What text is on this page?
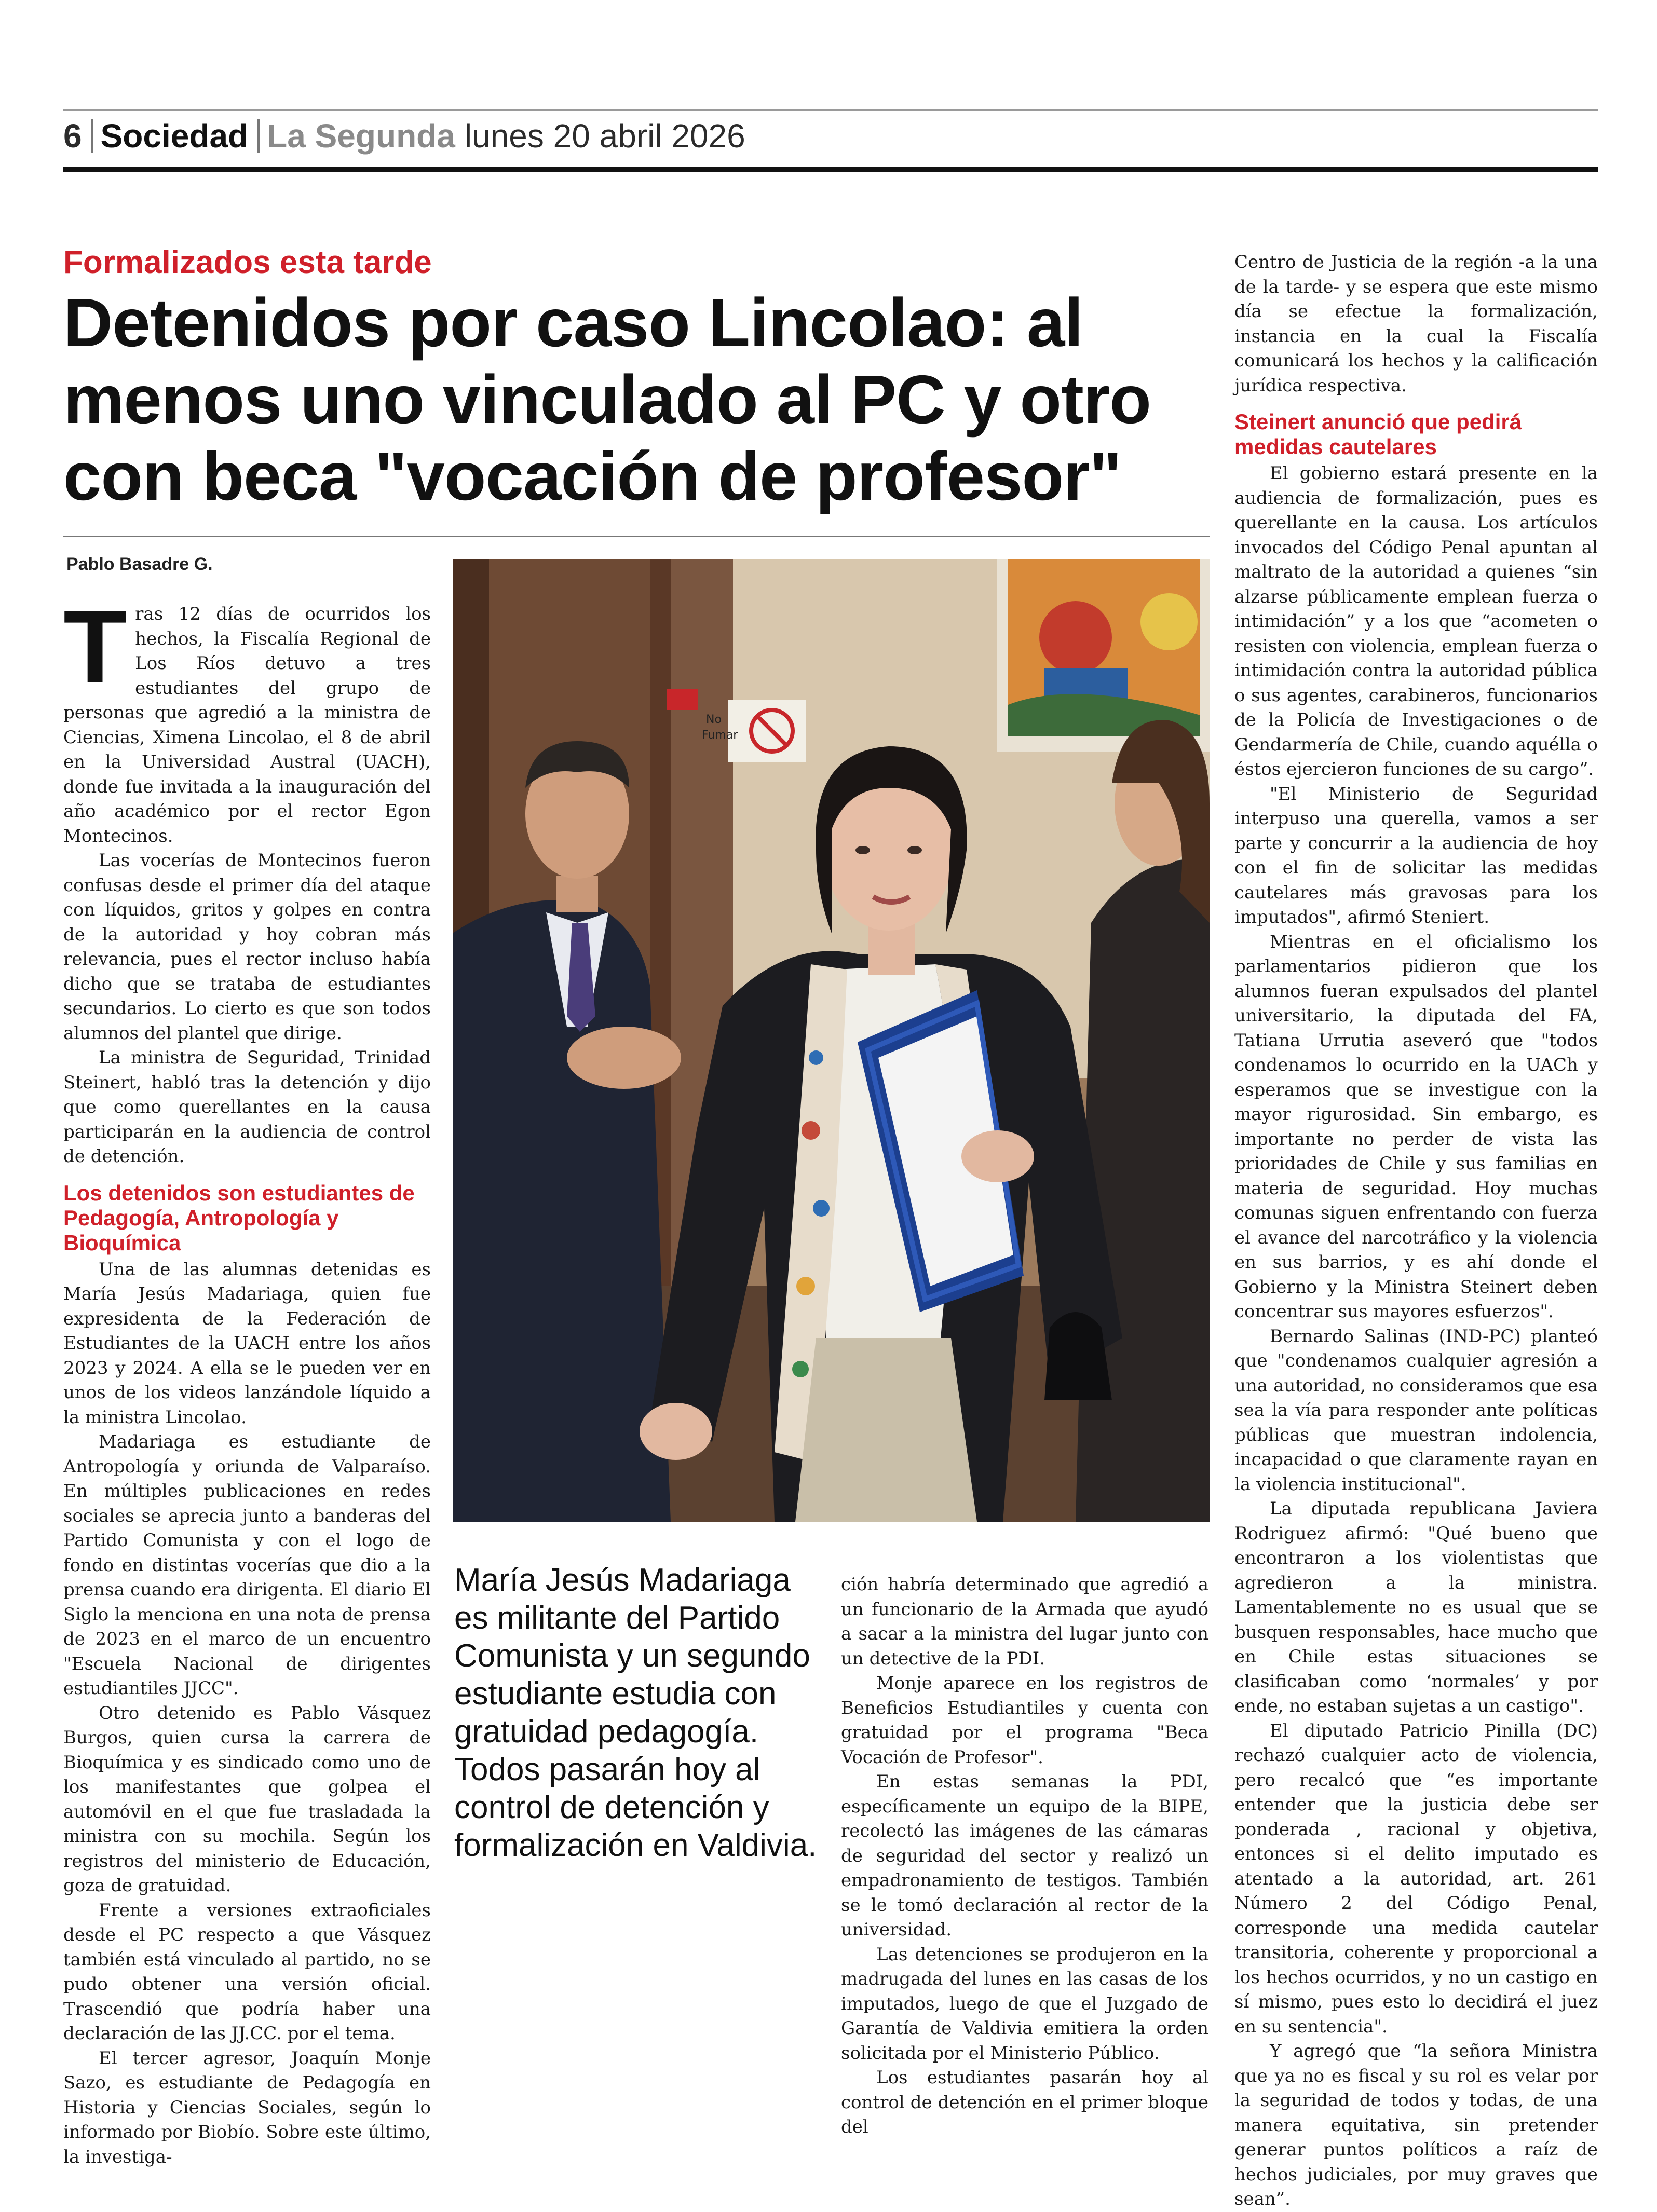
6 Sociedad La Segunda lunes 20 abril 2026
Formalizados esta tarde
Detenidos por caso Lincolao: al menos uno vinculado al PC y otro con beca "vocación de profesor"
Pablo Basadre G.

Tras 12 días de ocurridos los hechos, la Fiscalía Regional de Los Ríos detuvo a tres estudiantes del grupo de personas que agredió a la ministra de Ciencias, Ximena Lincolao, el 8 de abril en la Universidad Austral (UACH), donde fue invitada a la inauguración del año académico por el rector Egon Montecinos.

Las vocerías de Montecinos fueron confusas desde el primer día del ataque con líquidos, gritos y golpes en contra de la autoridad y hoy cobran más relevancia, pues el rector incluso había dicho que se trataba de estudiantes secundarios. Lo cierto es que son todos alumnos del plantel que dirige.

La ministra de Seguridad, Trinidad Steinert, habló tras la detención y dijo que como querellantes en la causa participarán en la audiencia de control de detención.

Los detenidos son estudiantes de Pedagogía, Antropología y Bioquímica

Una de las alumnas detenidas es María Jesús Madariaga, quien fue expresidenta de la Federación de Estudiantes de la UACH entre los años 2023 y 2024. A ella se le pueden ver en unos de los videos lanzándole líquido a la ministra Lincolao.

Madariaga es estudiante de Antropología y oriunda de Valparaíso. En múltiples publicaciones en redes sociales se aprecia junto a banderas del Partido Comunista y con el logo de fondo en distintas vocerías que dio a la prensa cuando era dirigenta. El diario El Siglo la menciona en una nota de prensa de 2023 en el marco de un encuentro "Escuela Nacional de dirigentes estudiantiles JJCC".

Otro detenido es Pablo Vásquez Burgos, quien cursa la carrera de Bioquímica y es sindicado como uno de los manifestantes que golpea el automóvil en el que fue trasladada la ministra con su mochila. Según los registros del ministerio de Educación, goza de gratuidad.

Frente a versiones extraoficiales desde el PC respecto a que Vásquez también está vinculado al partido, no se pudo obtener una versión oficial. Trascendió que podría haber una declaración de las JJ.CC. por el tema.

El tercer agresor, Joaquín Monje Sazo, es estudiante de Pedagogía en Historia y Ciencias Sociales, según lo informado por Biobío. Sobre este último, la investiga-

No
Fumar
María Jesús Madariaga es militante del Partido Comunista y un segundo estudiante estudia con gratuidad pedagogía. Todos pasarán hoy al control de detención y formalización en Valdivia.

ción habría determinado que agredió a un funcionario de la Armada que ayudó a sacar a la ministra del lugar junto con un detective de la PDI.

Monje aparece en los registros de Beneficios Estudiantiles y cuenta con gratuidad por el programa "Beca Vocación de Profesor".

En estas semanas la PDI, específicamente un equipo de la BIPE, recolectó las imágenes de las cámaras de seguridad del sector y realizó un empadronamiento de testigos. También se le tomó declaración al rector de la universidad.

Las detenciones se produjeron en la madrugada del lunes en las casas de los imputados, luego de que el Juzgado de Garantía de Valdivia emitiera la orden solicitada por el Ministerio Público.

Los estudiantes pasarán hoy al control de detención en el primer bloque del

Centro de Justicia de la región -a la una de la tarde- y se espera que este mismo día se efectue la formalización, instancia en la cual la Fiscalía comunicará los hechos y la calificación jurídica respectiva.

Steinert anunció que pedirá medidas cautelares

El gobierno estará presente en la audiencia de formalización, pues es querellante en la causa. Los artículos invocados del Código Penal apuntan al maltrato de la autoridad a quienes “sin alzarse públicamente emplean fuerza o intimidación” y a los que “acometen o resisten con violencia, emplean fuerza o intimidación contra la autoridad pública o sus agentes, carabineros, funcionarios de la Policía de Investigaciones o de Gendarmería de Chile, cuando aquélla o éstos ejercieron funciones de su cargo”.

"El Ministerio de Seguridad interpuso una querella, vamos a ser parte y concurrir a la audiencia de hoy con el fin de solicitar las medidas cautelares más gravosas para los imputados", afirmó Steniert.

Mientras en el oficialismo los parlamentarios pidieron que los alumnos fueran expulsados del plantel universitario, la diputada del FA, Tatiana Urrutia aseveró que "todos condenamos lo ocurrido en la UACh y esperamos que se investigue con la mayor rigurosidad. Sin embargo, es importante no perder de vista las prioridades de Chile y sus familias en materia de seguridad. Hoy muchas comunas siguen enfrentando con fuerza el avance del narcotráfico y la violencia en sus barrios, y es ahí donde el Gobierno y la Ministra Steinert deben concentrar sus mayores esfuerzos".

Bernardo Salinas (IND-PC) planteó que "condenamos cualquier agresión a una autoridad, no consideramos que esa sea la vía para responder ante políticas públicas que muestran indolencia, incapacidad o que claramente rayan en la violencia institucional".

La diputada republicana Javiera Rodriguez afirmó: "Qué bueno que encontraron a los violentistas que agredieron a la ministra. Lamentablemente no es usual que se busquen responsables, hace mucho que en Chile estas situaciones se clasificaban como ‘normales’ y por ende, no estaban sujetas a un castigo".

El diputado Patricio Pinilla (DC) rechazó cualquier acto de violencia, pero recalcó que “es importante entender que la justicia debe ser ponderada , racional y objetiva, entonces si el delito imputado es atentado a la autoridad, art. 261 Número 2 del Código Penal, corresponde una medida cautelar transitoria, coherente y proporcional a los hechos ocurridos, y no un castigo en sí mismo, pues esto lo decidirá el juez en su sentencia".

Y agregó que “la señora Ministra que ya no es fiscal y su rol es velar por la seguridad de todos y todas, de una manera equitativa, sin pretender generar puntos políticos a raíz de hechos judiciales, por muy graves que sean”.
